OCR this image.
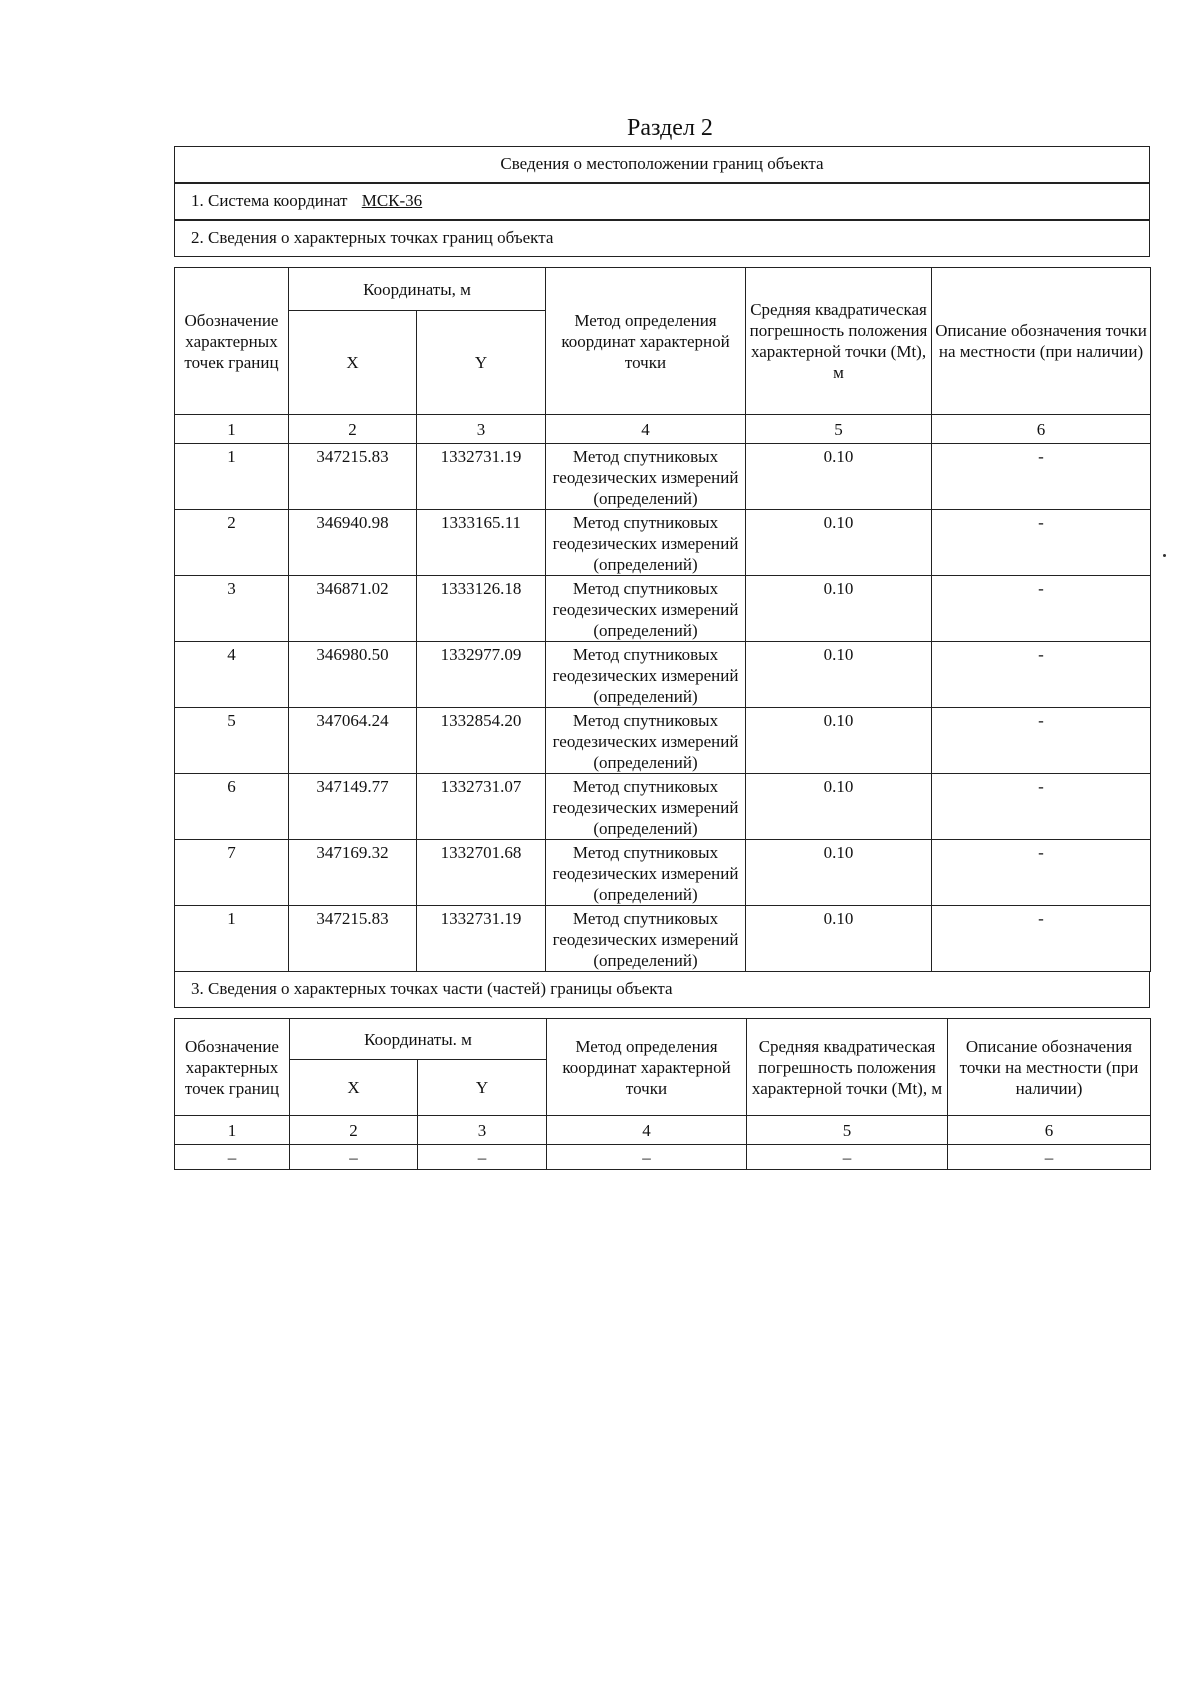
Раздел 2
Сведения о местоположении границ объекта
1. Система координат МСК-36
2. Сведения о характерных точках границ объекта
Обозначение характерных точек границ	Координаты, м		Метод определения координат характерной точки	Средняя квадратическая погрешность положения характерной точки (Mt), м	Описание обозначения точки на местности (при наличии)
	X	Y			
1	2	3	4	5	6
1	347215.83	1332731.19	Метод спутниковых геодезических измерений (определений)	0.10	-
2	346940.98	1333165.11	Метод спутниковых геодезических измерений (определений)	0.10	-
3	346871.02	1333126.18	Метод спутниковых геодезических измерений (определений)	0.10	-
4	346980.50	1332977.09	Метод спутниковых геодезических измерений (определений)	0.10	-
5	347064.24	1332854.20	Метод спутниковых геодезических измерений (определений)	0.10	-
6	347149.77	1332731.07	Метод спутниковых геодезических измерений (определений)	0.10	-
7	347169.32	1332701.68	Метод спутниковых геодезических измерений (определений)	0.10	-
1	347215.83	1332731.19	Метод спутниковых геодезических измерений (определений)	0.10	-
3. Сведения о характерных точках части (частей) границы объекта
Обозначение характерных точек границ	Координаты. м		Метод определения координат характерной точки	Средняя квадратическая погрешность положения характерной точки (Mt), м	Описание обозначения точки на местности (при наличии)
	X	Y			
1	2	3	4	5	6
–	–	–	–	–	–
